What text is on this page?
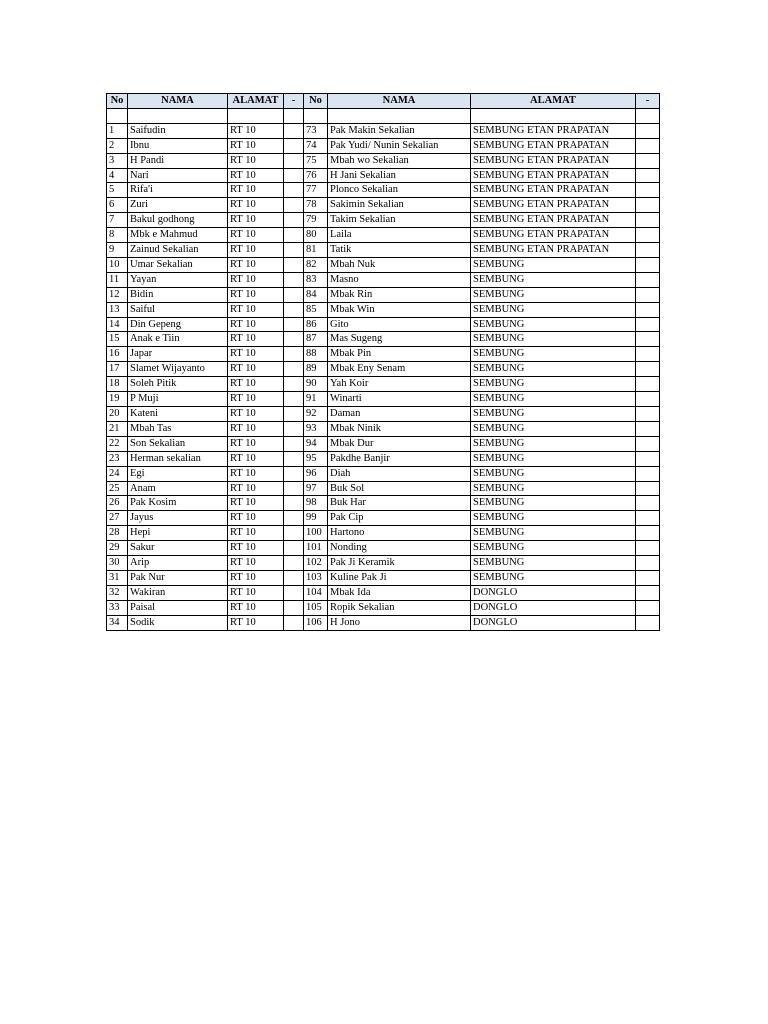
No	NAMA	ALAMAT	-	No	NAMA	ALAMAT	-

1	Saifudin	RT 10		73	Pak Makin Sekalian	SEMBUNG ETAN PRAPATAN	
2	Ibnu	RT 10		74	Pak Yudi/ Nunin Sekalian	SEMBUNG ETAN PRAPATAN	
3	H Pandi	RT 10		75	Mbah wo Sekalian	SEMBUNG ETAN PRAPATAN	
4	Nari	RT 10		76	H Jani Sekalian	SEMBUNG ETAN PRAPATAN	
5	Rifa'i	RT 10		77	Plonco Sekalian	SEMBUNG ETAN PRAPATAN	
6	Zuri	RT 10		78	Sakimin Sekalian	SEMBUNG ETAN PRAPATAN	
7	Bakul godhong	RT 10		79	Takim Sekalian	SEMBUNG ETAN PRAPATAN	
8	Mbk e Mahmud	RT 10		80	Laila	SEMBUNG ETAN PRAPATAN	
9	Zainud Sekalian	RT 10		81	Tatik	SEMBUNG ETAN PRAPATAN	
10	Umar Sekalian	RT 10		82	Mbah Nuk	SEMBUNG	
11	Yayan	RT 10		83	Masno	SEMBUNG	
12	Bidin	RT 10		84	Mbak Rin	SEMBUNG	
13	Saiful	RT 10		85	Mbak Win	SEMBUNG	
14	Din Gepeng	RT 10		86	Gito	SEMBUNG	
15	Anak e Tiin	RT 10		87	Mas Sugeng	SEMBUNG	
16	Japar	RT 10		88	Mbak Pin	SEMBUNG	
17	Slamet Wijayanto	RT 10		89	Mbak Eny Senam	SEMBUNG	
18	Soleh Pitik	RT 10		90	Yah Koir	SEMBUNG	
19	P Muji	RT 10		91	Winarti	SEMBUNG	
20	Kateni	RT 10		92	Daman	SEMBUNG	
21	Mbah Tas	RT 10		93	Mbak Ninik	SEMBUNG	
22	Son Sekalian	RT 10		94	Mbak Dur	SEMBUNG	
23	Herman sekalian	RT 10		95	Pakdhe Banjir	SEMBUNG	
24	Egi	RT 10		96	Diah	SEMBUNG	
25	Anam	RT 10		97	Buk Sol	SEMBUNG	
26	Pak Kosim	RT 10		98	Buk Har	SEMBUNG	
27	Jayus	RT 10		99	Pak Cip	SEMBUNG	
28	Hepi	RT 10		100	Hartono	SEMBUNG	
29	Sakur	RT 10		101	Nonding	SEMBUNG	
30	Arip	RT 10		102	Pak Ji Keramik	SEMBUNG	
31	Pak Nur	RT 10		103	Kuline Pak Ji	SEMBUNG	
32	Wakiran	RT 10		104	Mbak Ida	DONGLO	
33	Paisal	RT 10		105	Ropik Sekalian	DONGLO	
34	Sodik	RT 10		106	H Jono	DONGLO	
